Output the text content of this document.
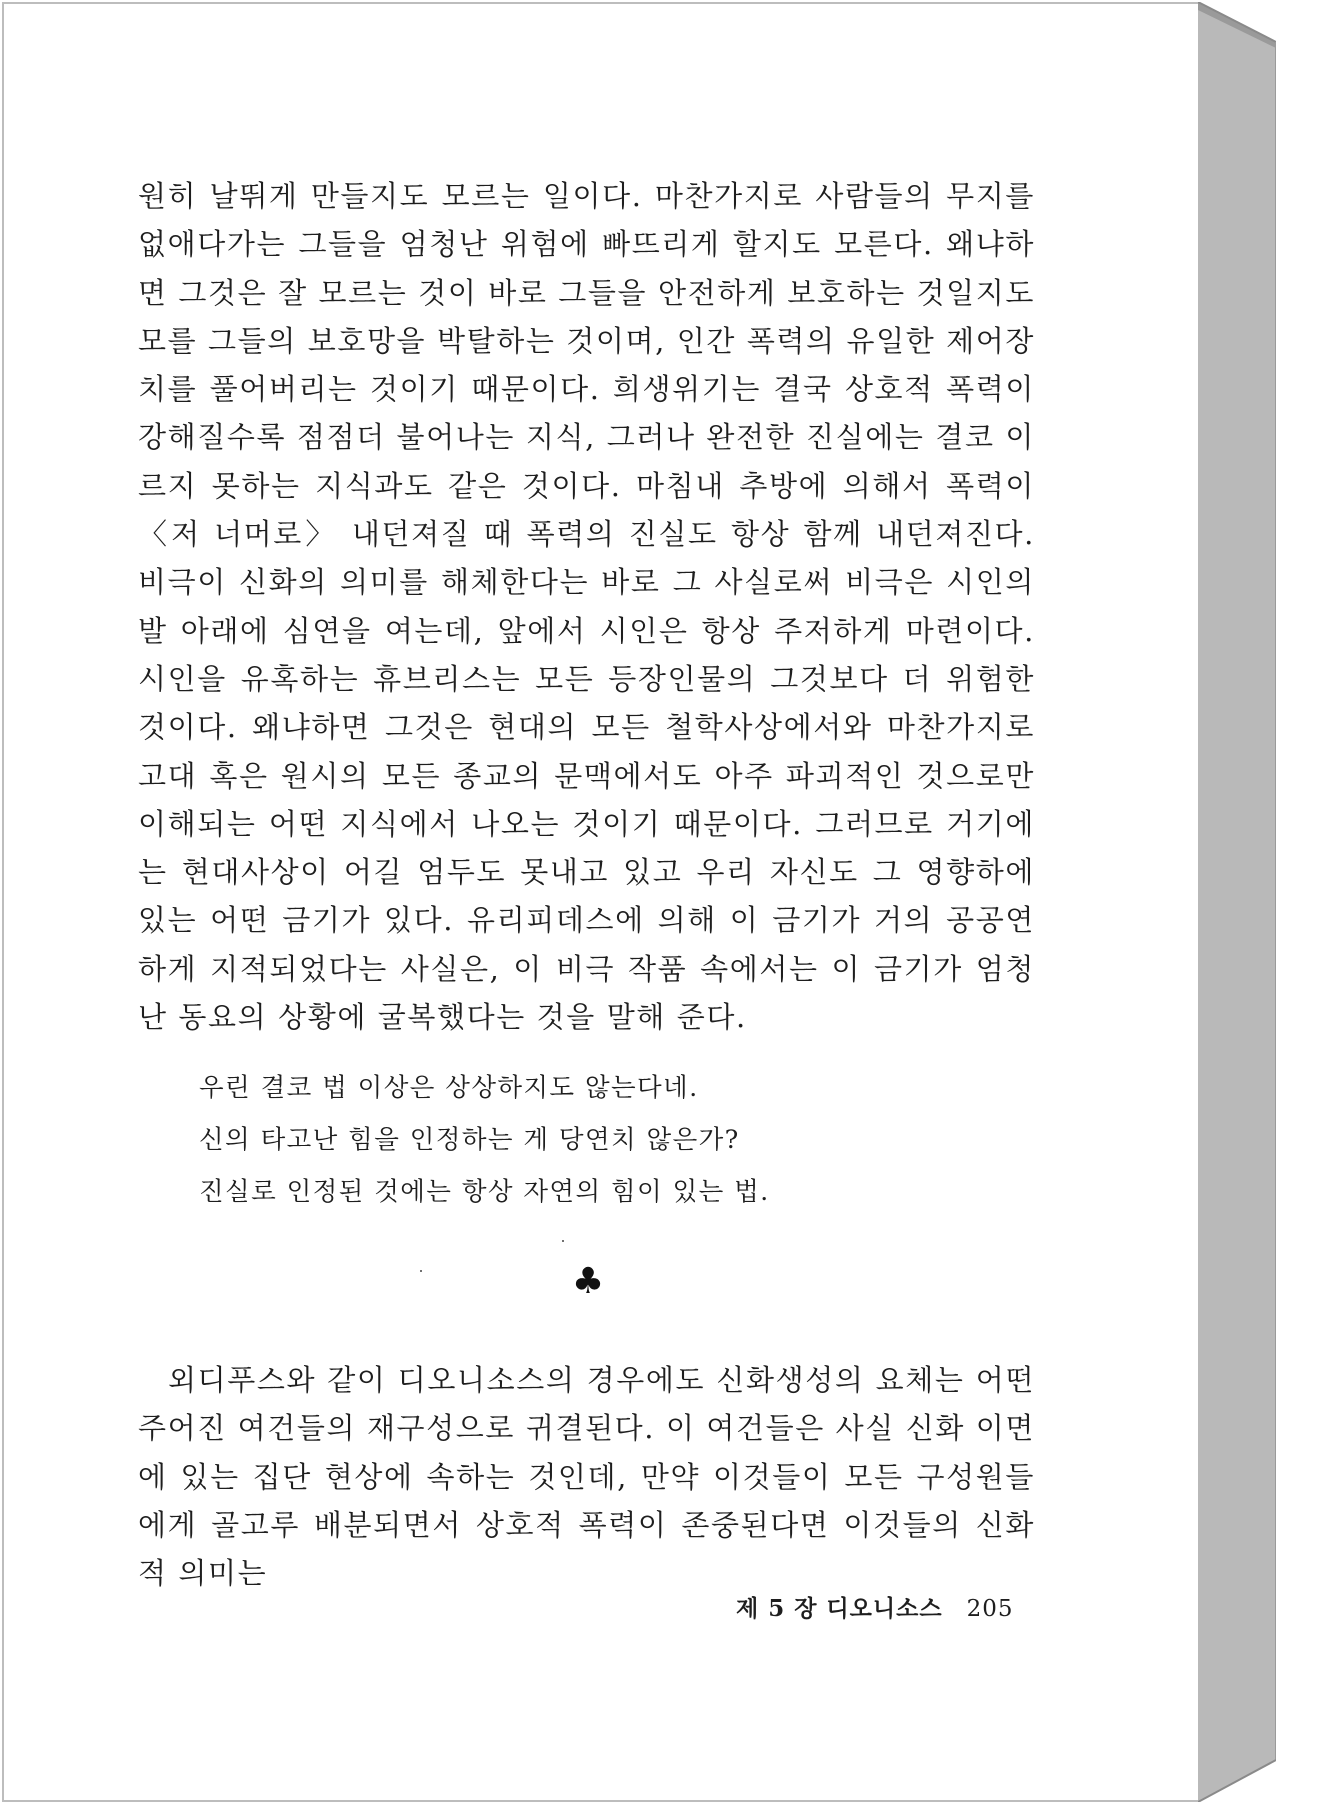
원히 날뛰게 만들지도 모르는 일이다. 마찬가지로 사람들의 무지를 없애다가는 그들을 엄청난 위험에 빠뜨리게 할지도 모른다. 왜냐하면 그것은 잘 모르는 것이 바로 그들을 안전하게 보호하는 것일지도 모를 그들의 보호망을 박탈하는 것이며, 인간 폭력의 유일한 제어장치를 풀어버리는 것이기 때문이다. 희생위기는 결국 상호적 폭력이 강해질수록 점점더 불어나는 지식, 그러나 완전한 진실에는 결코 이르지 못하는 지식과도 같은 것이다. 마침내 추방에 의해서 폭력이 〈저 너머로〉 내던져질 때 폭력의 진실도 항상 함께 내던져진다. 비극이 신화의 의미를 해체한다는 바로 그 사실로써 비극은 시인의 발 아래에 심연을 여는데, 앞에서 시인은 항상 주저하게 마련이다. 시인을 유혹하는 휴브리스는 모든 등장인물의 그것보다 더 위험한 것이다. 왜냐하면 그것은 현대의 모든 철학사상에서와 마찬가지로 고대 혹은 원시의 모든 종교의 문맥에서도 아주 파괴적인 것으로만 이해되는 어떤 지식에서 나오는 것이기 때문이다. 그러므로 거기에는 현대사상이 어길 엄두도 못내고 있고 우리 자신도 그 영향하에 있는 어떤 금기가 있다. 유리피데스에 의해 이 금기가 거의 공공연하게 지적되었다는 사실은, 이 비극 작품 속에서는 이 금기가 엄청난 동요의 상황에 굴복했다는 것을 말해 준다.

우린 결코 법 이상은 상상하지도 않는다네.
신의 타고난 힘을 인정하는 게 당연치 않은가?
진실로 인정된 것에는 항상 자연의 힘이 있는 법.
♣

외디푸스와 같이 디오니소스의 경우에도 신화생성의 요체는 어떤 주어진 여건들의 재구성으로 귀결된다. 이 여건들은 사실 신화 이면에 있는 집단 현상에 속하는 것인데, 만약 이것들이 모든 구성원들에게 골고루 배분되면서 상호적 폭력이 존중된다면 이것들의 신화적 의미는

제 5 장 디오니소스 205
